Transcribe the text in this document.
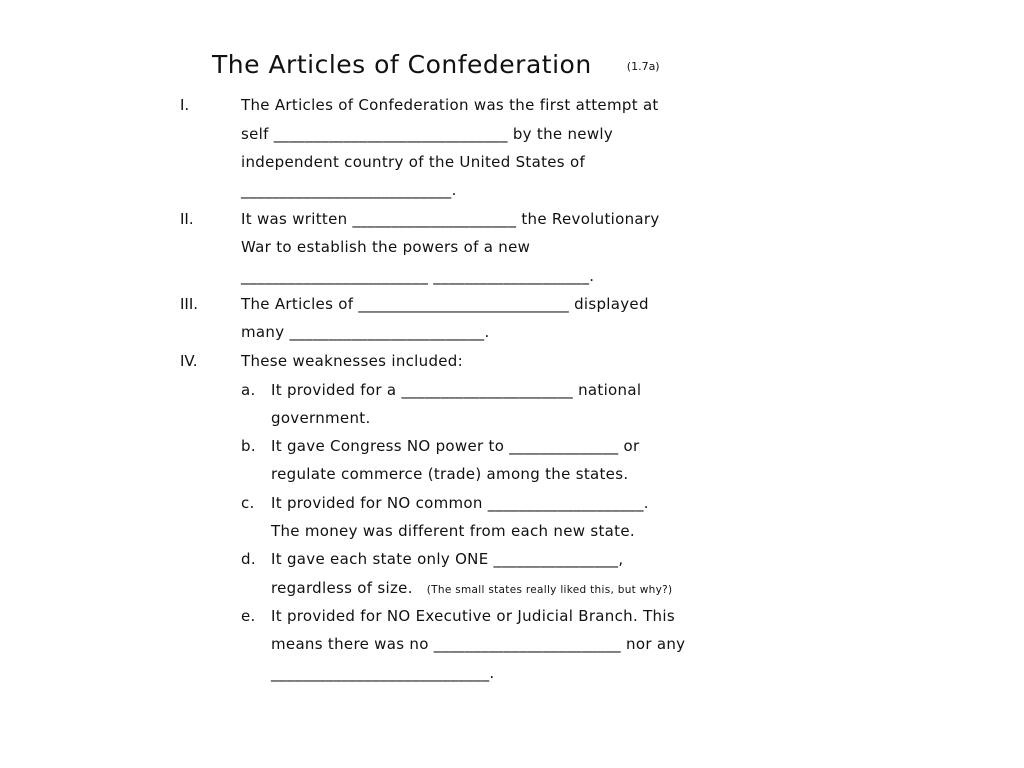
The Articles of Confederation	(1.7a)
I.	The Articles of Confederation was the first attempt at
self ______________________________ by the newly
independent country of the United States of
___________________________.
II.	It was written _____________________ the Revolutionary
War to establish the powers of a new
________________________ ____________________.
III.	The Articles of ___________________________ displayed
many _________________________.
IV.	These weaknesses included:
a. It provided for a ______________________ national
government.
b. It gave Congress NO power to ______________ or
regulate commerce (trade) among the states.
c. It provided for NO common ____________________.
The money was different from each new state.
d. It gave each state only ONE ________________,
regardless of size. (The small states really liked this, but why?)
e. It provided for NO Executive or Judicial Branch. This
means there was no ________________________ nor any
____________________________.
